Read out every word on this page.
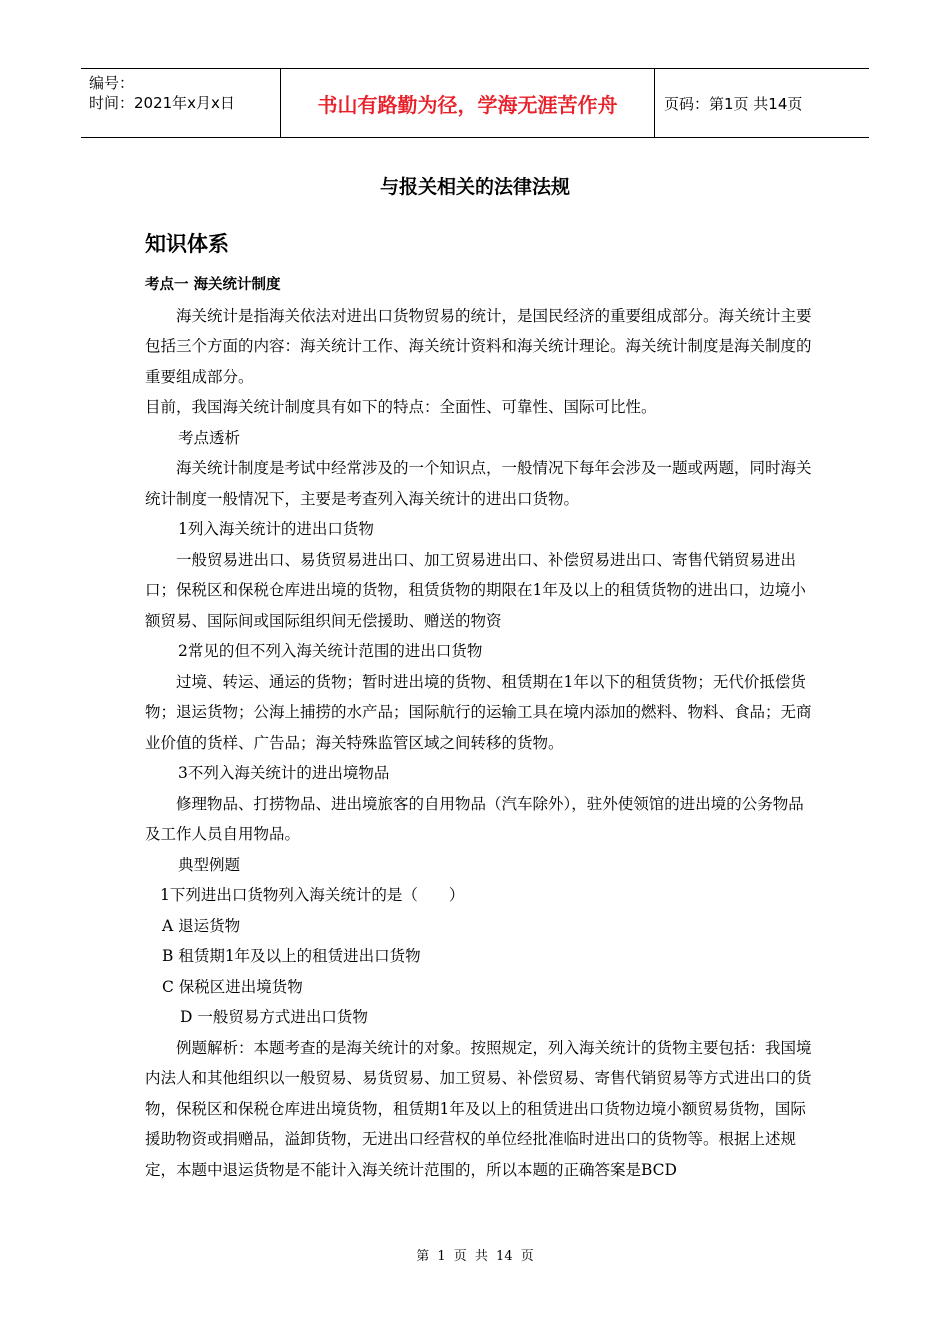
编号：
时间：2021年x月x日	书山有路勤为径，学海无涯苦作舟	页码：第1页 共14页
与报关相关的法律法规
知识体系

考点一 海关统计制度

海关统计是指海关依法对进出口货物贸易的统计，是国民经济的重要组成部分。海关统计主要包括三个方面的内容：海关统计工作、海关统计资料和海关统计理论。海关统计制度是海关制度的重要组成部分。

目前，我国海关统计制度具有如下的特点：全面性、可靠性、国际可比性。

考点透析

海关统计制度是考试中经常涉及的一个知识点，一般情况下每年会涉及一题或两题，同时海关统计制度一般情况下，主要是考查列入海关统计的进出口货物。

1列入海关统计的进出口货物

一般贸易进出口、易货贸易进出口、加工贸易进出口、补偿贸易进出口、寄售代销贸易进出口；保税区和保税仓库进出境的货物，租赁货物的期限在1年及以上的租赁货物的进出口，边境小额贸易、国际间或国际组织间无偿援助、赠送的物资

2常见的但不列入海关统计范围的进出口货物

过境、转运、通运的货物；暂时进出境的货物、租赁期在1年以下的租赁货物；无代价抵偿货物；退运货物；公海上捕捞的水产品；国际航行的运输工具在境内添加的燃料、物料、食品；无商业价值的货样、广告品；海关特殊监管区域之间转移的货物。

3不列入海关统计的进出境物品

修理物品、打捞物品、进出境旅客的自用物品（汽车除外），驻外使领馆的进出境的公务物品及工作人员自用物品。

典型例题

1下列进出口货物列入海关统计的是（　　）

A 退运货物

B 租赁期1年及以上的租赁进出口货物

C 保税区进出境货物

D 一般贸易方式进出口货物

例题解析：本题考查的是海关统计的对象。按照规定，列入海关统计的货物主要包括：我国境内法人和其他组织以一般贸易、易货贸易、加工贸易、补偿贸易、寄售代销贸易等方式进出口的货物，保税区和保税仓库进出境货物，租赁期1年及以上的租赁进出口货物边境小额贸易货物，国际援助物资或捐赠品，溢卸货物，无进出口经营权的单位经批准临时进出口的货物等。根据上述规定，本题中退运货物是不能计入海关统计范围的，所以本题的正确答案是BCD

第 1 页 共 14 页
